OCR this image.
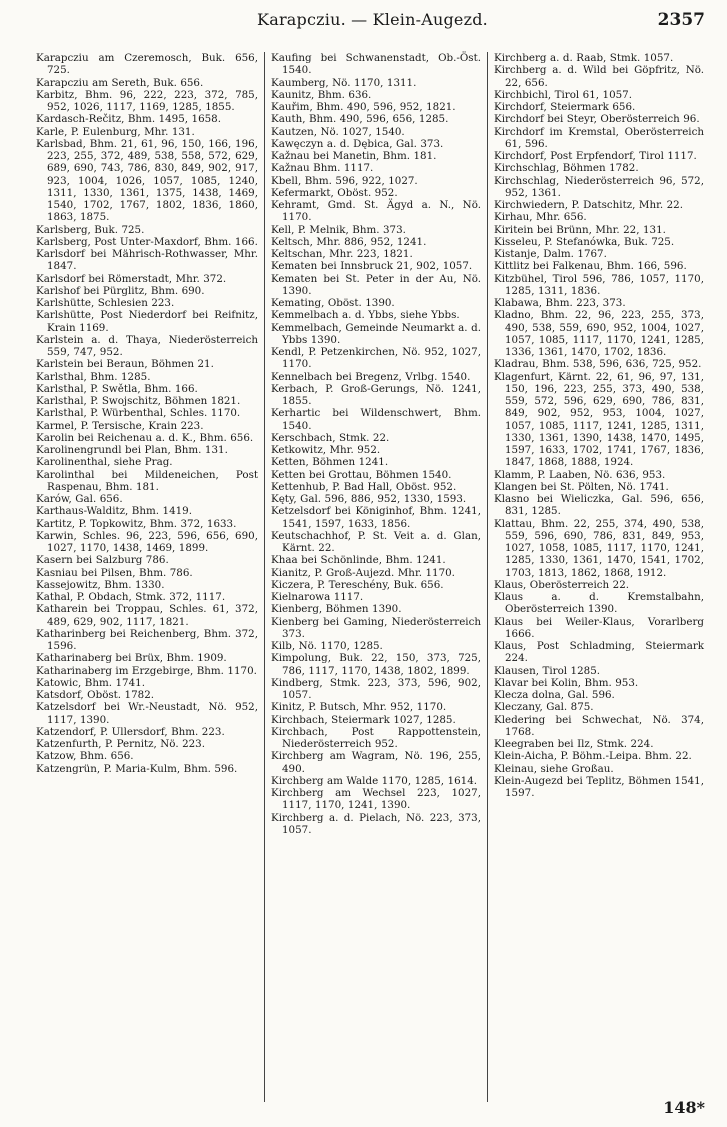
Karapcziu. — Klein-Augezd.	2357

Karapcziu am Czeremosch, Buk. 656, 725.

Karapcziu am Sereth, Buk. 656.

Karbitz, Bhm. 96, 222, 223, 372, 785, 952, 1026, 1117, 1169, 1285, 1855.

Kardasch-Rečitz, Bhm. 1495, 1658.

Karle, P. Eulenburg, Mhr. 131.

Karlsbad, Bhm. 21, 61, 96, 150, 166, 196, 223, 255, 372, 489, 538, 558, 572, 629, 689, 690, 743, 786, 830, 849, 902, 917, 923, 1004, 1026, 1057, 1085, 1240, 1311, 1330, 1361, 1375, 1438, 1469, 1540, 1702, 1767, 1802, 1836, 1860, 1863, 1875.

Karlsberg, Buk. 725.

Karlsberg, Post Unter-Maxdorf, Bhm. 166.

Karlsdorf bei Mährisch-Rothwasser, Mhr. 1847.

Karlsdorf bei Römerstadt, Mhr. 372.

Karlshof bei Pürglitz, Bhm. 690.

Karlshütte, Schlesien 223.

Karlshütte, Post Niederdorf bei Reifnitz, Krain 1169.

Karlstein a. d. Thaya, Niederösterreich 559, 747, 952.

Karlstein bei Beraun, Böhmen 21.

Karlsthal, Bhm. 1285.

Karlsthal, P. Swětla, Bhm. 166.

Karlsthal, P. Swojschitz, Böhmen 1821.

Karlsthal, P. Würbenthal, Schles. 1170.

Karmel, P. Tersische, Krain 223.

Karolin bei Reichenau a. d. K., Bhm. 656.

Karolinengrundl bei Plan, Bhm. 131.

Karolinenthal, siehe Prag.

Karolinthal bei Mildeneichen, Post Raspenau, Bhm. 181.

Karów, Gal. 656.

Karthaus-Walditz, Bhm. 1419.

Kartitz, P. Topkowitz, Bhm. 372, 1633.

Karwin, Schles. 96, 223, 596, 656, 690, 1027, 1170, 1438, 1469, 1899.

Kasern bei Salzburg 786.

Kasniau bei Pilsen, Bhm. 786.

Kassejowitz, Bhm. 1330.

Kathal, P. Obdach, Stmk. 372, 1117.

Katharein bei Troppau, Schles. 61, 372, 489, 629, 902, 1117, 1821.

Katharinberg bei Reichenberg, Bhm. 372, 1596.

Katharinaberg bei Brüx, Bhm. 1909.

Katharinaberg im Erzgebirge, Bhm. 1170.

Katowic, Bhm. 1741.

Katsdorf, Oböst. 1782.

Katzelsdorf bei Wr.-Neustadt, Nö. 952, 1117, 1390.

Katzendorf, P. Ullersdorf, Bhm. 223.

Katzenfurth, P. Pernitz, Nö. 223.

Katzow, Bhm. 656.

Katzengrün, P. Maria-Kulm, Bhm. 596.

Kaufing bei Schwanenstadt, Ob.-Öst. 1540.

Kaumberg, Nö. 1170, 1311.

Kaunitz, Bhm. 636.

Kauřim, Bhm. 490, 596, 952, 1821.

Kauth, Bhm. 490, 596, 656, 1285.

Kautzen, Nö. 1027, 1540.

Kawęczyn a. d. Dębica, Gal. 373.

Kažnau bei Manetin, Bhm. 181.

Kažnau Bhm. 1117.

Kbell, Bhm. 596, 922, 1027.

Kefermarkt, Oböst. 952.

Kehramt, Gmd. St. Ägyd a. N., Nö. 1170.

Kell, P. Melnik, Bhm. 373.

Keltsch, Mhr. 886, 952, 1241.

Keltschan, Mhr. 223, 1821.

Kematen bei Innsbruck 21, 902, 1057.

Kematen bei St. Peter in der Au, Nö. 1390.

Kemating, Oböst. 1390.

Kemmelbach a. d. Ybbs, siehe Ybbs.

Kemmelbach, Gemeinde Neumarkt a. d. Ybbs 1390.

Kendl, P. Petzenkirchen, Nö. 952, 1027, 1170.

Kennelbach bei Bregenz, Vrlbg. 1540.

Kerbach, P. Groß-Gerungs, Nö. 1241, 1855.

Kerhartic bei Wildenschwert, Bhm. 1540.

Kerschbach, Stmk. 22.

Ketkowitz, Mhr. 952.

Ketten, Böhmen 1241.

Ketten bei Grottau, Böhmen 1540.

Kettenhub, P. Bad Hall, Oböst. 952.

Kęty, Gal. 596, 886, 952, 1330, 1593.

Ketzelsdorf bei Königinhof, Bhm. 1241, 1541, 1597, 1633, 1856.

Keutschachhof, P. St. Veit a. d. Glan, Kärnt. 22.

Khaa bei Schönlinde, Bhm. 1241.

Kianitz, P. Groß-Aujezd. Mhr. 1170.

Kiczera, P. Tereschény, Buk. 656.

Kielnarowa 1117.

Kienberg, Böhmen 1390.

Kienberg bei Gaming, Niederösterreich 373.

Kilb, Nö. 1170, 1285.

Kimpolung, Buk. 22, 150, 373, 725, 786, 1117, 1170, 1438, 1802, 1899.

Kindberg, Stmk. 223, 373, 596, 902, 1057.

Kinitz, P. Butsch, Mhr. 952, 1170.

Kirchbach, Steiermark 1027, 1285.

Kirchbach, Post Rappottenstein, Niederösterreich 952.

Kirchberg am Wagram, Nö. 196, 255, 490.

Kirchberg am Walde 1170, 1285, 1614.

Kirchberg am Wechsel 223, 1027, 1117, 1170, 1241, 1390.

Kirchberg a. d. Pielach, Nö. 223, 373, 1057.

Kirchberg a. d. Raab, Stmk. 1057.

Kirchberg a. d. Wild bei Göpfritz, Nö. 22, 656.

Kirchbichl, Tirol 61, 1057.

Kirchdorf, Steiermark 656.

Kirchdorf bei Steyr, Oberösterreich 96.

Kirchdorf im Kremstal, Oberösterreich 61, 596.

Kirchdorf, Post Erpfendorf, Tirol 1117.

Kirchschlag, Böhmen 1782.

Kirchschlag, Niederösterreich 96, 572, 952, 1361.

Kirchwiedern, P. Datschitz, Mhr. 22.

Kirhau, Mhr. 656.

Kiritein bei Brünn, Mhr. 22, 131.

Kisseleu, P. Stefanówka, Buk. 725.

Kistanje, Dalm. 1767.

Kittlitz bei Falkenau, Bhm. 166, 596.

Kitzbühel, Tirol 596, 786, 1057, 1170, 1285, 1311, 1836.

Klabawa, Bhm. 223, 373.

Kladno, Bhm. 22, 96, 223, 255, 373, 490, 538, 559, 690, 952, 1004, 1027, 1057, 1085, 1117, 1170, 1241, 1285, 1336, 1361, 1470, 1702, 1836.

Kladrau, Bhm. 538, 596, 636, 725, 952.

Klagenfurt, Kärnt. 22, 61, 96, 97, 131, 150, 196, 223, 255, 373, 490, 538, 559, 572, 596, 629, 690, 786, 831, 849, 902, 952, 953, 1004, 1027, 1057, 1085, 1117, 1241, 1285, 1311, 1330, 1361, 1390, 1438, 1470, 1495, 1597, 1633, 1702, 1741, 1767, 1836, 1847, 1868, 1888, 1924.

Klamm, P. Laaben, Nö. 636, 953.

Klangen bei St. Pölten, Nö. 1741.

Klasno bei Wieliczka, Gal. 596, 656, 831, 1285.

Klattau, Bhm. 22, 255, 374, 490, 538, 559, 596, 690, 786, 831, 849, 953, 1027, 1058, 1085, 1117, 1170, 1241, 1285, 1330, 1361, 1470, 1541, 1702, 1703, 1813, 1862, 1868, 1912.

Klaus, Oberösterreich 22.

Klaus a. d. Kremstalbahn, Oberösterreich 1390.

Klaus bei Weiler-Klaus, Vorarlberg 1666.

Klaus, Post Schladming, Steiermark 224.

Klausen, Tirol 1285.

Klavar bei Kolin, Bhm. 953.

Klecza dolna, Gal. 596.

Kleczany, Gal. 875.

Kledering bei Schwechat, Nö. 374, 1768.

Kleegraben bei Ilz, Stmk. 224.

Klein-Aicha, P. Böhm.-Leipa. Bhm. 22.

Kleinau, siehe Großau.

Klein-Augezd bei Teplitz, Böhmen 1541, 1597.

148*
